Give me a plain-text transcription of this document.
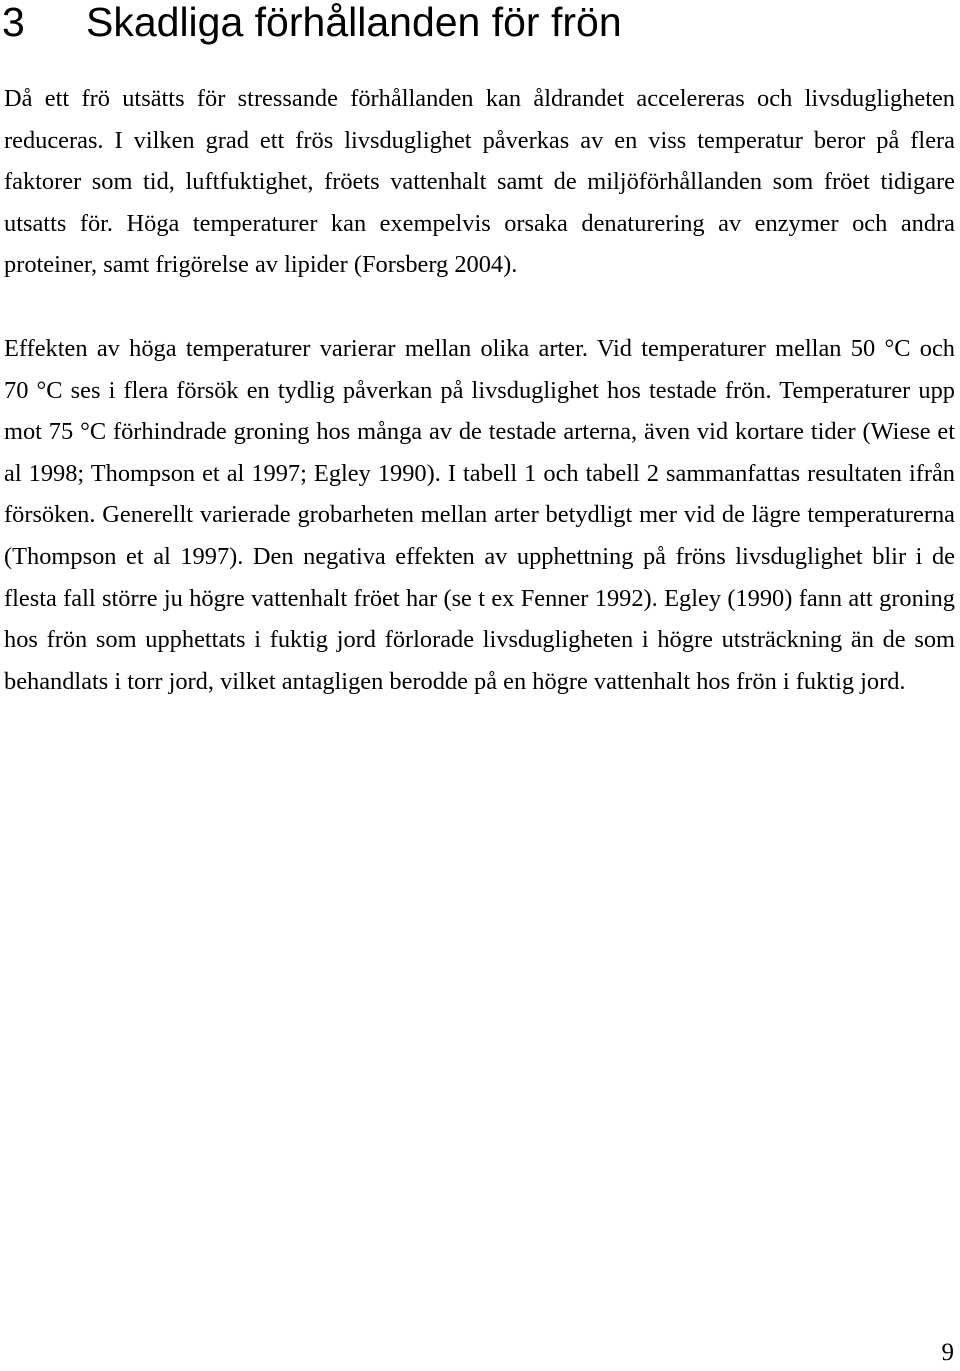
3 Skadliga förhållanden för frön

Då ett frö utsätts för stressande förhållanden kan åldrandet accelereras och livsdugligheten reduceras. I vilken grad ett frös livsduglighet påverkas av en viss temperatur beror på flera faktorer som tid, luftfuktighet, fröets vattenhalt samt de miljöförhållanden som fröet tidigare utsatts för. Höga temperaturer kan exempelvis orsaka denaturering av enzymer och andra proteiner, samt frigörelse av lipider (Forsberg 2004).

Effekten av höga temperaturer varierar mellan olika arter. Vid temperaturer mellan 50 °C och 70 °C ses i flera försök en tydlig påverkan på livsduglighet hos testade frön. Temperaturer upp mot 75 °C förhindrade groning hos många av de testade arterna, även vid kortare tider (Wiese et al 1998; Thompson et al 1997; Egley 1990). I tabell 1 och tabell 2 sammanfattas resultaten ifrån försöken. Generellt varierade grobarheten mellan arter betydligt mer vid de lägre temperaturerna (Thompson et al 1997). Den negativa effekten av upphettning på fröns livsduglighet blir i de flesta fall större ju högre vattenhalt fröet har (se t ex Fenner 1992). Egley (1990) fann att groning hos frön som upphettats i fuktig jord förlorade livsdugligheten i högre utsträckning än de som behandlats i torr jord, vilket antagligen berodde på en högre vattenhalt hos frön i fuktig jord.

9
